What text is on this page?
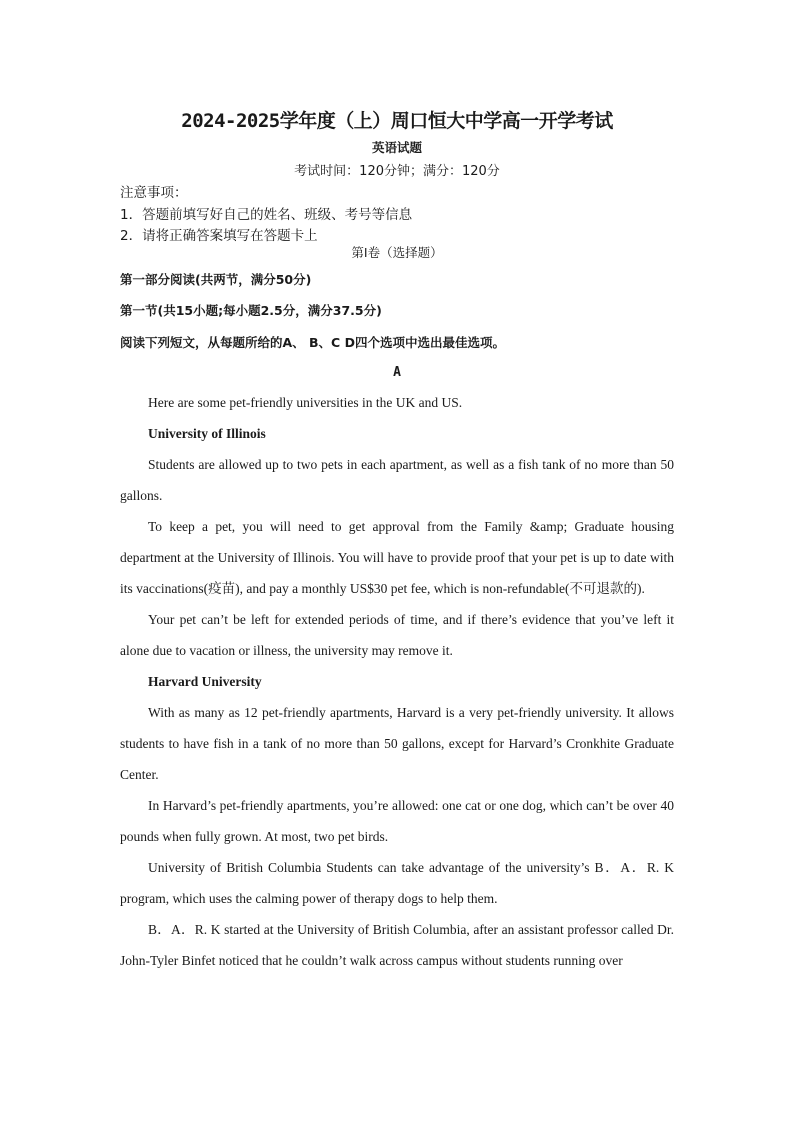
2024-2025学年度（上）周口恒大中学高一开学考试
英语试题
考试时间：120分钟；满分：120分
注意事项：
1．答题前填写好自己的姓名、班级、考号等信息
2．请将正确答案填写在答题卡上
第I卷（选择题）
第一部分阅读(共两节，满分50分)
第一节(共15小题;每小题2.5分，满分37.5分)
阅读下列短文，从每题所给的A、 B、C D四个选项中选出最佳选项。
A

Here are some pet-friendly universities in the UK and US.

University of Illinois

Students are allowed up to two pets in each apartment, as well as a fish tank of no more than 50 gallons.

To keep a pet, you will need to get approval from the Family &amp; Graduate housing department at the University of Illinois. You will have to provide proof that your pet is up to date with its vaccinations(疫苗), and pay a monthly US$30 pet fee, which is non-refundable(不可退款的).

Your pet can’t be left for extended periods of time, and if there’s evidence that you’ve left it alone due to vacation or illness, the university may remove it.

Harvard University

With as many as 12 pet-friendly apartments, Harvard is a very pet-friendly university. It allows students to have fish in a tank of no more than 50 gallons, except for Harvard’s Cronkhite Graduate Center.

In Harvard’s pet-friendly apartments, you’re allowed: one cat or one dog, which can’t be over 40 pounds when fully grown. At most, two pet birds.

University of British Columbia Students can take advantage of the university’s B．A．R. K program, which uses the calming power of therapy dogs to help them.

B．A．R. K started at the University of British Columbia, after an assistant professor called Dr. John-Tyler Binfet noticed that he couldn’t walk across campus without students running over
